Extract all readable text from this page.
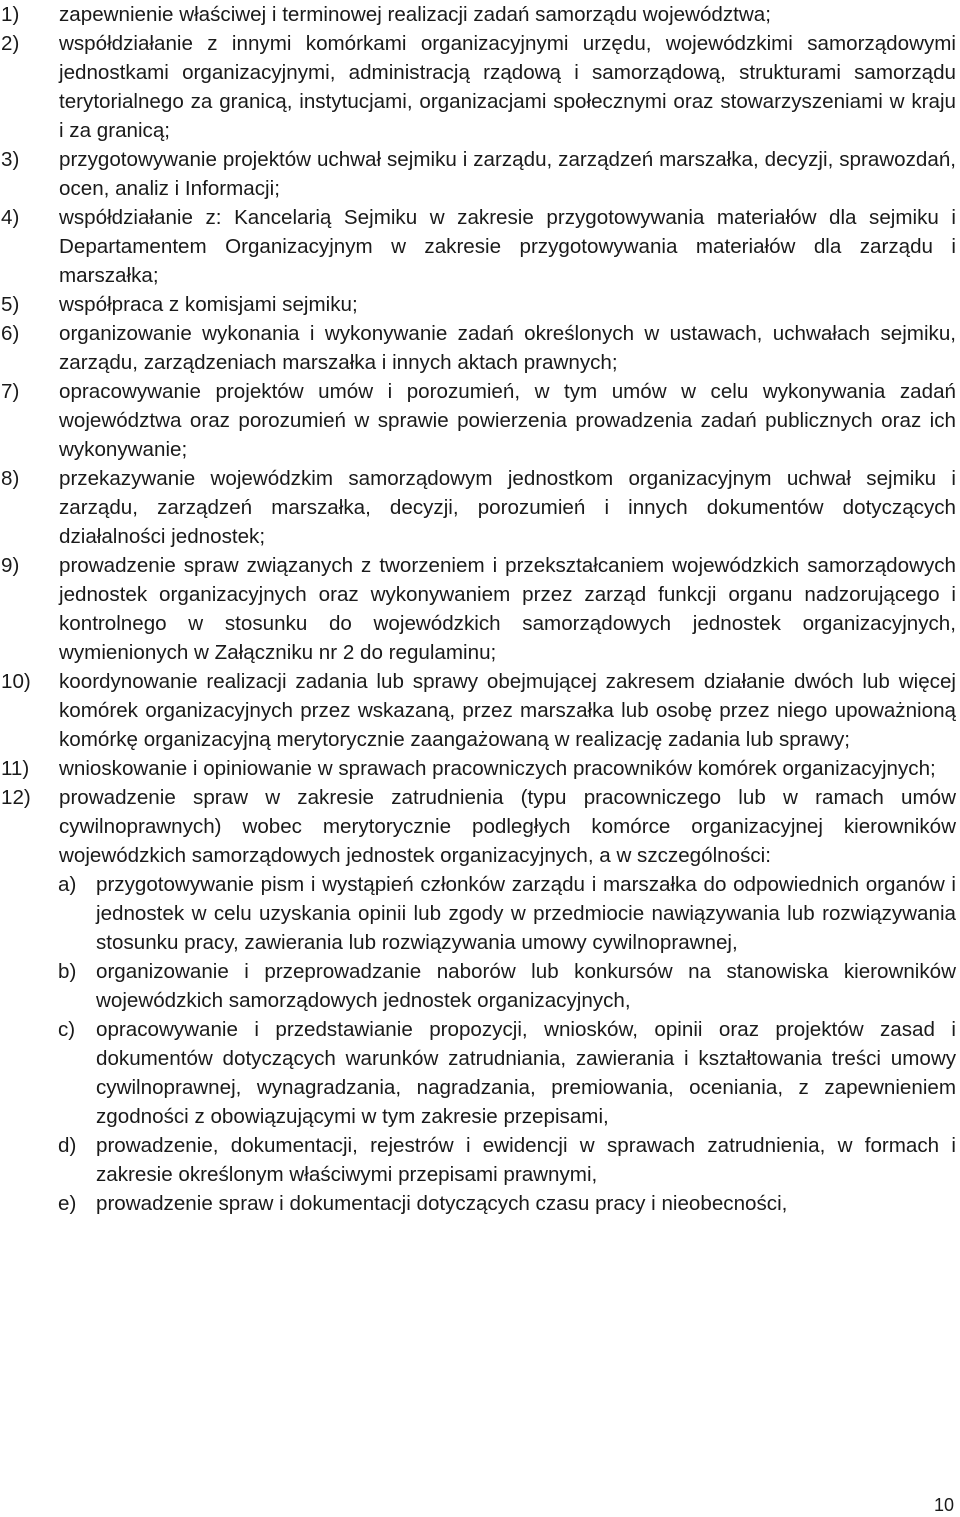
1) zapewnienie właściwej i terminowej realizacji zadań samorządu województwa;
2) współdziałanie z innymi komórkami organizacyjnymi urzędu, wojewódzkimi samorządowymi jednostkami organizacyjnymi, administracją rządową i samorządową, strukturami samorządu terytorialnego za granicą, instytucjami, organizacjami społecznymi oraz stowarzyszeniami w kraju i za granicą;
3) przygotowywanie projektów uchwał sejmiku i zarządu, zarządzeń marszałka, decyzji, sprawozdań, ocen, analiz i Informacji;
4) współdziałanie z: Kancelarią Sejmiku w zakresie przygotowywania materiałów dla sejmiku i Departamentem Organizacyjnym w zakresie przygotowywania materiałów dla zarządu i marszałka;
5) współpraca z komisjami sejmiku;
6) organizowanie wykonania i wykonywanie zadań określonych w ustawach, uchwałach sejmiku, zarządu, zarządzeniach marszałka i innych aktach prawnych;
7) opracowywanie projektów umów i porozumień, w tym umów w celu wykonywania zadań województwa oraz porozumień w sprawie powierzenia prowadzenia zadań publicznych oraz ich wykonywanie;
8) przekazywanie wojewódzkim samorządowym jednostkom organizacyjnym uchwał sejmiku i zarządu, zarządzeń marszałka, decyzji, porozumień i innych dokumentów dotyczących działalności jednostek;
9) prowadzenie spraw związanych z tworzeniem i przekształcaniem wojewódzkich samorządowych jednostek organizacyjnych oraz wykonywaniem przez zarząd funkcji organu nadzorującego i kontrolnego w stosunku do wojewódzkich samorządowych jednostek organizacyjnych, wymienionych w Załączniku nr 2 do regulaminu;
10) koordynowanie realizacji zadania lub sprawy obejmującej zakresem działanie dwóch lub więcej komórek organizacyjnych przez wskazaną, przez marszałka lub osobę przez niego upoważnioną komórkę organizacyjną merytorycznie zaangażowaną w realizację zadania lub sprawy;
11) wnioskowanie i opiniowanie w sprawach pracowniczych pracowników komórek organizacyjnych;
12) prowadzenie spraw w zakresie zatrudnienia (typu pracowniczego lub w ramach umów cywilnoprawnych) wobec merytorycznie podległych komórce organizacyjnej kierowników wojewódzkich samorządowych jednostek organizacyjnych, a w szczególności:
a) przygotowywanie pism i wystąpień członków zarządu i marszałka do odpowiednich organów i jednostek w celu uzyskania opinii lub zgody w przedmiocie nawiązywania lub rozwiązywania stosunku pracy, zawierania lub rozwiązywania umowy cywilnoprawnej,
b) organizowanie i przeprowadzanie naborów lub konkursów na stanowiska kierowników wojewódzkich samorządowych jednostek organizacyjnych,
c) opracowywanie i przedstawianie propozycji, wniosków, opinii oraz projektów zasad i dokumentów dotyczących warunków zatrudniania, zawierania i kształtowania treści umowy cywilnoprawnej, wynagradzania, nagradzania, premiowania, oceniania, z zapewnieniem zgodności z obowiązującymi w tym zakresie przepisami,
d) prowadzenie, dokumentacji, rejestrów i ewidencji w sprawach zatrudnienia, w formach i zakresie określonym właściwymi przepisami prawnymi,
e) prowadzenie spraw i dokumentacji dotyczących czasu pracy i nieobecności,
10
